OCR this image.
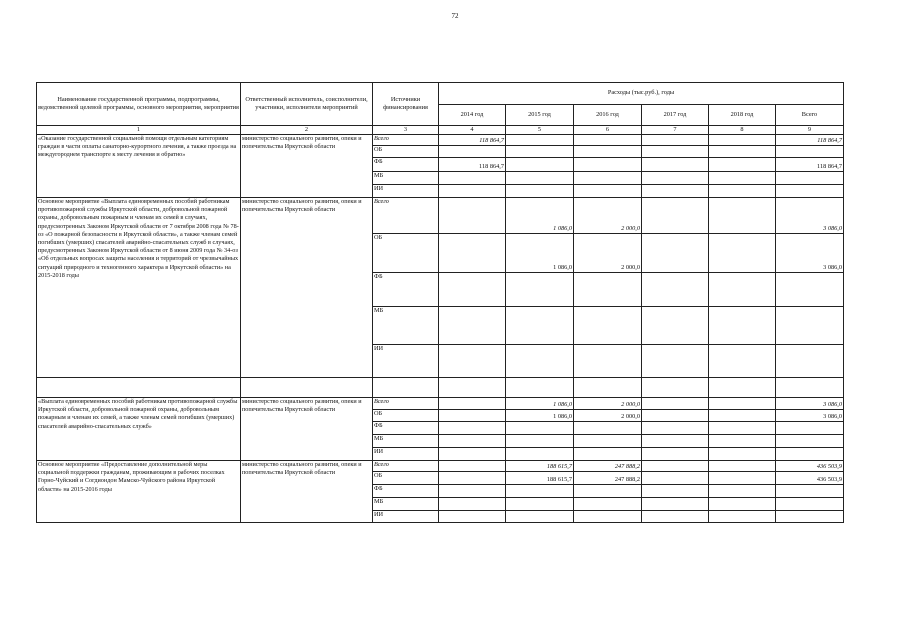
72
Наименование государственной программы, подпрограммы, ведомственной целевой программы, основного мероприятия, мероприятия	Ответственный исполнитель, соисполнители, участники, исполнители мероприятий	Источники финансирования	Расходы (тыс.руб.), годы					
			2014 год	2015 год	2016 год	2017 год	2018 год	Всего
1	2	3	4	5	6	7	8	9
«Оказание государственной социальной помощи отдельным категориям граждан в части оплаты санаторно-курортного лечения, а также проезда на междугороднем транспорте к месту лечения и обратно»	министерство социального развития, опеки и попечительства Иркутской области	Всего	118 864,7					118 864,7
		ОБ						
		ФБ	118 864,7					118 864,7
		МБ						
		ИИ						
Основное мероприятие «Выплата единовременных пособий работникам противопожарной службы Иркутской области, добровольной пожарной охраны, добровольным пожарным и членам их семей в случаях, предусмотренных Законом Иркутской области от 7 октября 2008 года № 78-оз «О пожарной безопасности в Иркутской области», а также членам семей погибших (умерших) спасателей аварийно-спасательных служб в случаях, предусмотренных Законом Иркутской области от 8 июня 2009 года № 34-оз «Об отдельных вопросах защиты населения и территорий от чрезвычайных ситуаций природного и техногенного характера в Иркутской области» на 2015-2018 годы	министерство социального развития, опеки и попечительства Иркутской области	Всего		1 086,0	2 000,0			3 086,0
		ОБ		1 086,0	2 000,0			3 086,0
		ФБ						
		МБ						
		ИИ						

«Выплата единовременных пособий работникам противопожарной службы Иркутской области, добровольной пожарной охраны, добровольным пожарным и членам их семей, а также членам семей погибших (умерших) спасателей аварийно-спасательных служб»	министерство социального развития, опеки и попечительства Иркутской области	Всего		1 086,0	2 000,0			3 086,0
		ОБ		1 086,0	2 000,0			3 086,0
		ФБ						
		МБ						
		ИИ						
Основное мероприятие «Предоставление дополнительной меры социальной поддержки гражданам, проживающим в рабочих поселках Горно-Чуйский и Согдиондон Мамско-Чуйского района Иркутской области» на 2015-2016 годы	министерство социального развития, опеки и попечительства Иркутской области	Всего		188 615,7	247 888,2			436 503,9
		ОБ		188 615,7	247 888,2			436 503,9
		ФБ						
		МБ						
		ИИ						
